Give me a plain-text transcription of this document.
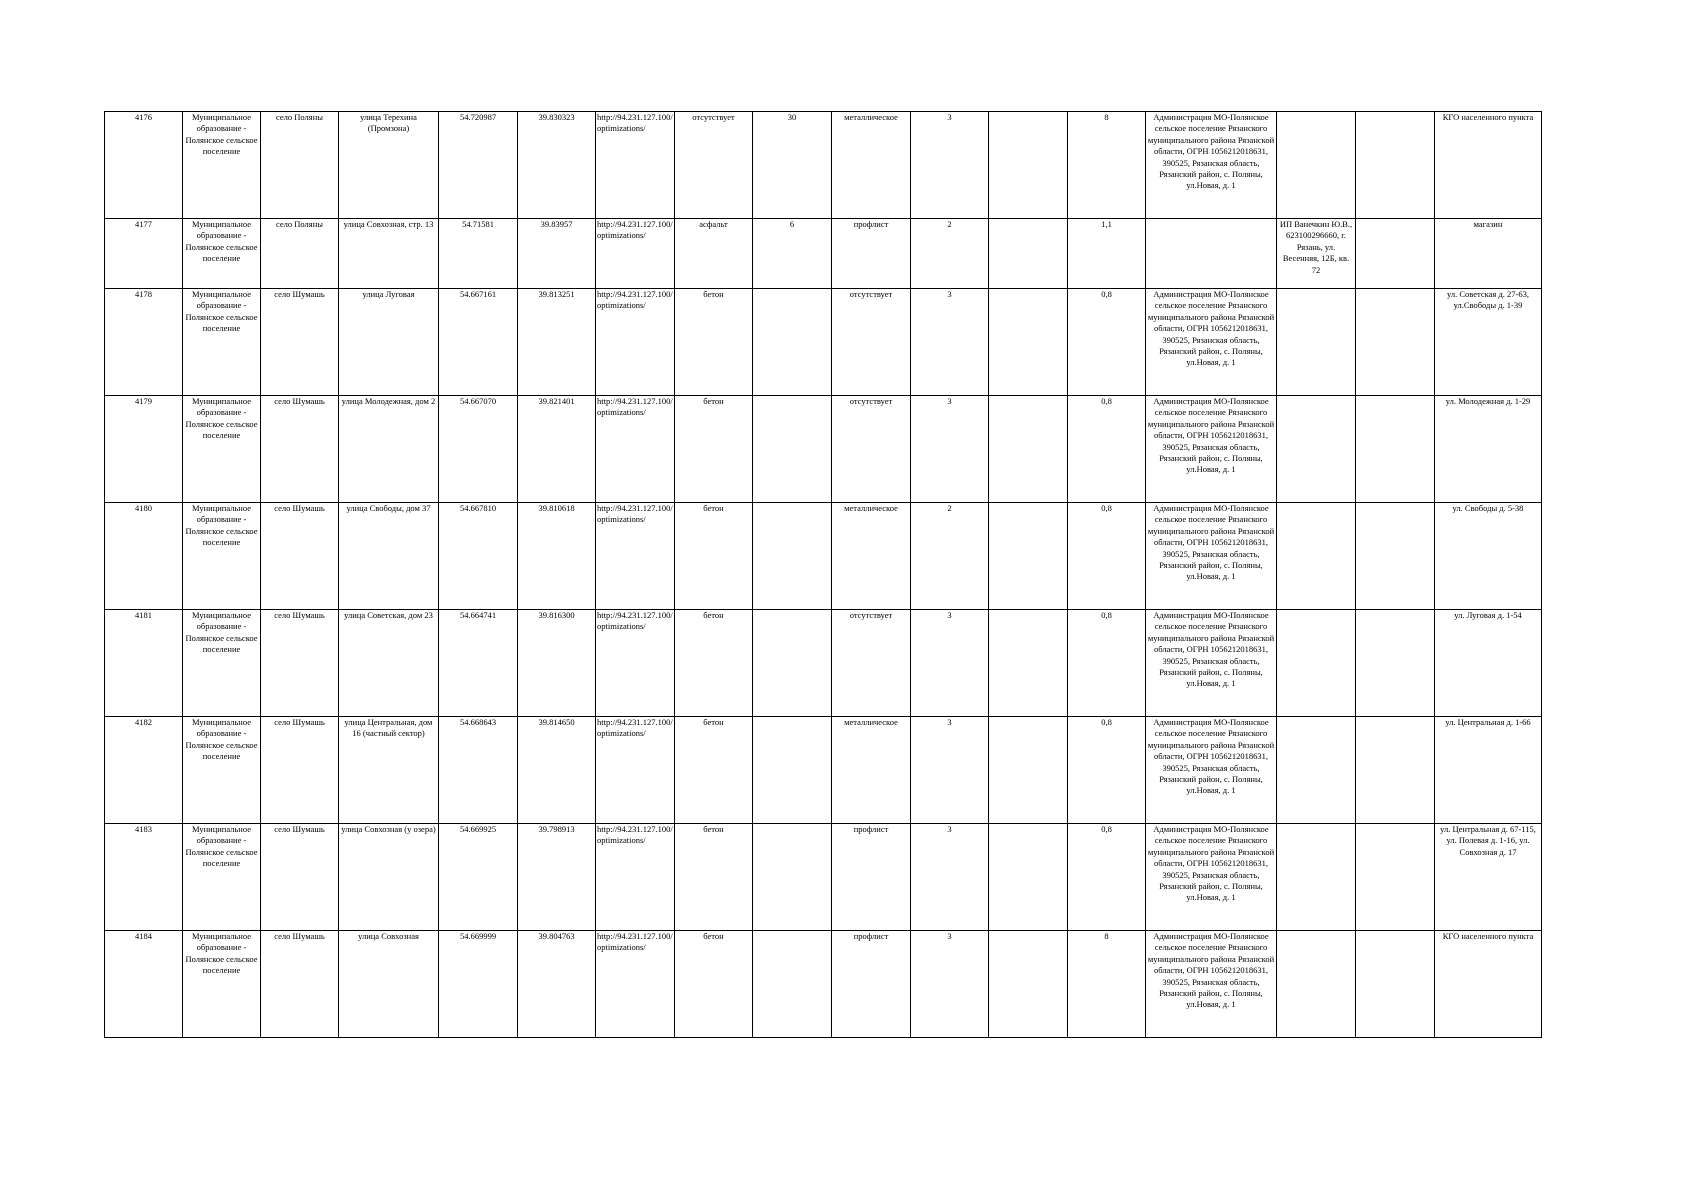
4176	Муниципальное образование - Полянское сельское поселение	село Поляны	улица Терехина (Промзона)	54.720987	39.830323	http://94.231.127.100/optimizations/	отсутствует	30	металлическое	3		8	Администрация МО-Полянское сельское поселение Рязанского муниципального района Рязанской области, ОГРН 1056212018631, 390525, Рязанская область, Рязанский район, с. Поляны, ул.Новая, д. 1			КГО населенного пункта
4177	Муниципальное образование - Полянское сельское поселение	село Поляны	улица Совхозная, стр. 13	54.71581	39.83957	http://94.231.127.100/optimizations/	асфальт	6	профлист	2		1,1		ИП Ванечкин Ю.В., 623100296660, г. Рязань, ул. Весенняя, 12Б, кв. 72		магазин
4178	Муниципальное образование - Полянское сельское поселение	село Шумашь	улица Луговая	54.667161	39.813251	http://94.231.127.100/optimizations/	бетон		отсутствует	3		0,8	Администрация МО-Полянское сельское поселение Рязанского муниципального района Рязанской области, ОГРН 1056212018631, 390525, Рязанская область, Рязанский район, с. Поляны, ул.Новая, д. 1			ул. Советская д. 27-63, ул.Свободы д. 1-39
4179	Муниципальное образование - Полянское сельское поселение	село Шумашь	улица Молодежная, дом 2	54.667070	39.821401	http://94.231.127.100/optimizations/	бетон		отсутствует	3		0,8	Администрация МО-Полянское сельское поселение Рязанского муниципального района Рязанской области, ОГРН 1056212018631, 390525, Рязанская область, Рязанский район, с. Поляны, ул.Новая, д. 1			ул. Молодежная д. 1-29
4180	Муниципальное образование - Полянское сельское поселение	село Шумашь	улица Свободы, дом 37	54.667810	39.810618	http://94.231.127.100/optimizations/	бетон		металлическое	2		0,8	Администрация МО-Полянское сельское поселение Рязанского муниципального района Рязанской области, ОГРН 1056212018631, 390525, Рязанская область, Рязанский район, с. Поляны, ул.Новая, д. 1			ул. Свободы д. 5-38
4181	Муниципальное образование - Полянское сельское поселение	село Шумашь	улица Советская, дом 23	54.664741	39.816300	http://94.231.127.100/optimizations/	бетон		отсутствует	3		0,8	Администрация МО-Полянское сельское поселение Рязанского муниципального района Рязанской области, ОГРН 1056212018631, 390525, Рязанская область, Рязанский район, с. Поляны, ул.Новая, д. 1			ул. Луговая д. 1-54
4182	Муниципальное образование - Полянское сельское поселение	село Шумашь	улица Центральная, дом 16 (частный сектор)	54.668643	39.814650	http://94.231.127.100/optimizations/	бетон		металлическое	3		0,8	Администрация МО-Полянское сельское поселение Рязанского муниципального района Рязанской области, ОГРН 1056212018631, 390525, Рязанская область, Рязанский район, с. Поляны, ул.Новая, д. 1			ул. Центральная д. 1-66
4183	Муниципальное образование - Полянское сельское поселение	село Шумашь	улица Совхозная (у озера)	54.669925	39.798913	http://94.231.127.100/optimizations/	бетон		профлист	3		0,8	Администрация МО-Полянское сельское поселение Рязанского муниципального района Рязанской области, ОГРН 1056212018631, 390525, Рязанская область, Рязанский район, с. Поляны, ул.Новая, д. 1			ул. Центральная д. 67-115, ул. Полевая д. 1-16, ул. Совхозная д. 17
4184	Муниципальное образование - Полянское сельское поселение	село Шумашь	улица Совхозная	54.669999	39.804763	http://94.231.127.100/optimizations/	бетон		профлист	3		8	Администрация МО-Полянское сельское поселение Рязанского муниципального района Рязанской области, ОГРН 1056212018631, 390525, Рязанская область, Рязанский район, с. Поляны, ул.Новая, д. 1			КГО населенного пункта
